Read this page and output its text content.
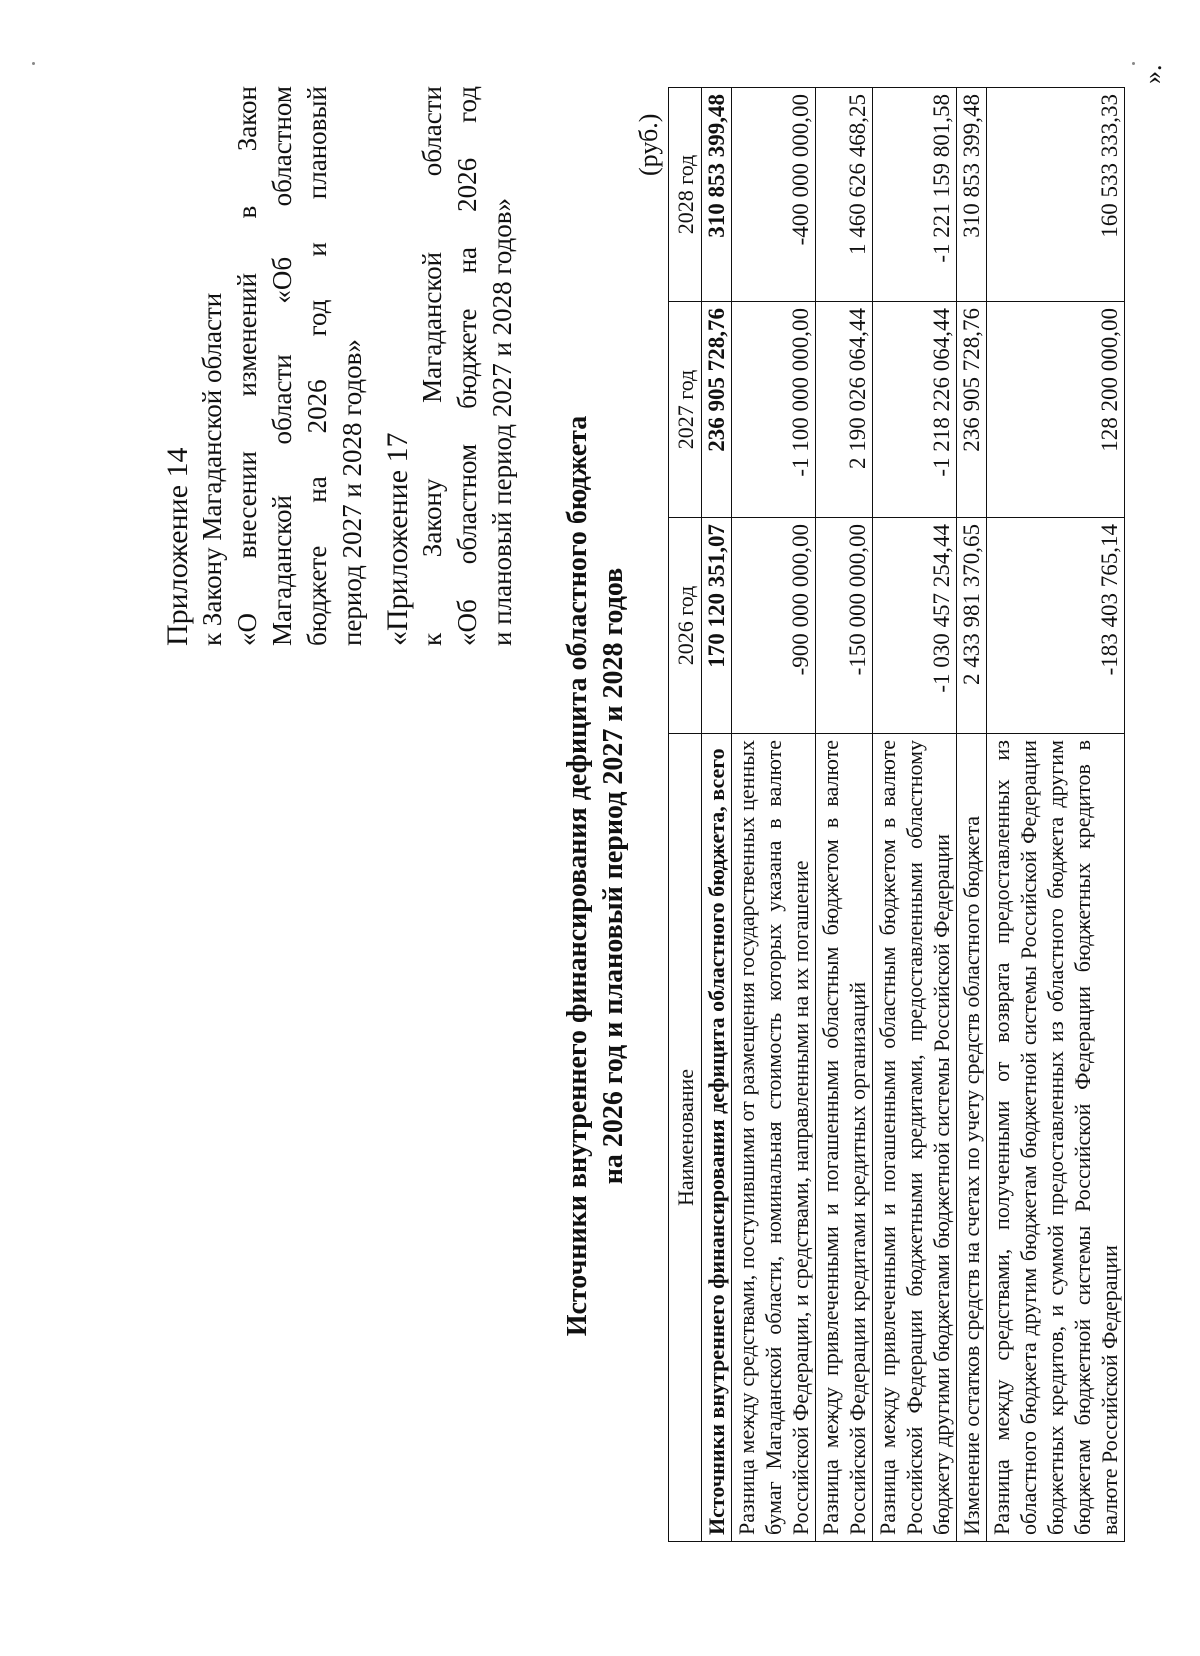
Приложение 14 к Закону Магаданской области «О внесении изменений в Закон Магаданской области «Об областном бюджете на 2026 год и плановый период 2027 и 2028 годов» «Приложение 17 к Закону Магаданской области «Об областном бюджете на 2026 год и плановый период 2027 и 2028 годов» Источники внутреннего финансирования дефицита областного бюджета на 2026 год и плановый период 2027 и 2028 годов
(руб.)
Наименование	2026 год	2027 год	2028 год
Источники внутреннего финансирования дефицита областного бюджета, всего	170 120 351,07	236 905 728,76	310 853 399,48
Разница между средствами, поступившими от размещения государственных ценных бумаг Магаданской области, номинальная стоимость которых указана в валюте Российской Федерации, и средствами, направленными на их погашение	-900 000 000,00	-1 100 000 000,00	-400 000 000,00
Разница между привлеченными и погашенными областным бюджетом в валюте Российской Федерации кредитами кредитных организаций	-150 000 000,00	2 190 026 064,44	1 460 626 468,25
Разница между привлеченными и погашенными областным бюджетом в валюте Российской Федерации бюджетными кредитами, предоставленными областному бюджету другими бюджетами бюджетной системы Российской Федерации	-1 030 457 254,44	-1 218 226 064,44	-1 221 159 801,58
Изменение остатков средств на счетах по учету средств областного бюджета	2 433 981 370,65	236 905 728,76	310 853 399,48
Разница между средствами, полученными от возврата предоставленных из областного бюджета другим бюджетам бюджетной системы Российской Федерации бюджетных кредитов, и суммой предоставленных из областного бюджета другим бюджетам бюджетной системы Российской Федерации бюджетных кредитов в валюте Российской Федерации	-183 403 765,14	128 200 000,00	160 533 333,33
».
